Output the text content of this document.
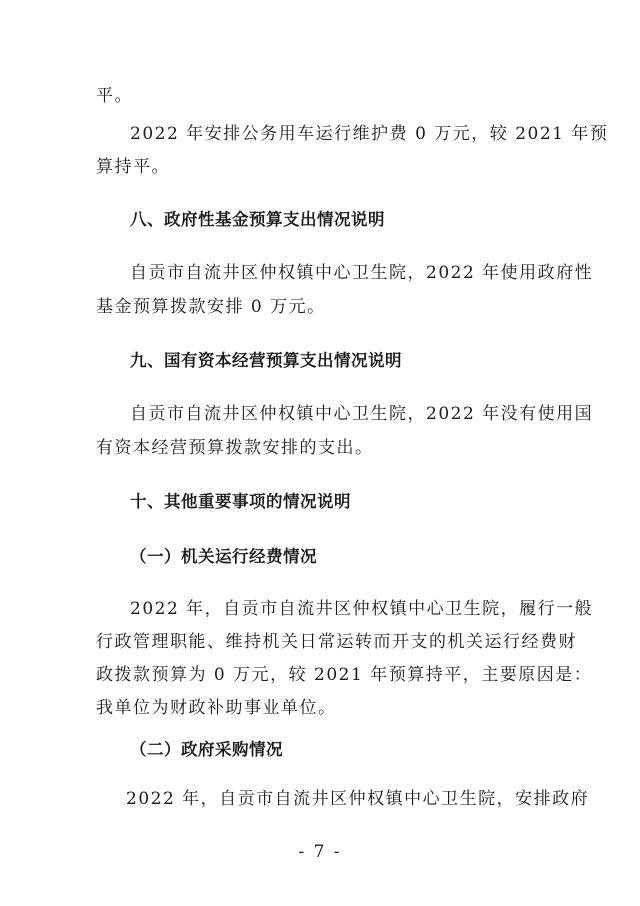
平。
2022 年安排公务用车运行维护费 0 万元，较 2021 年预
算持平。
八、政府性基金预算支出情况说明
自贡市自流井区仲权镇中心卫生院，2022 年使用政府性
基金预算拨款安排 0 万元。
九、国有资本经营预算支出情况说明
自贡市自流井区仲权镇中心卫生院，2022 年没有使用国
有资本经营预算拨款安排的支出。
十、其他重要事项的情况说明
（一）机关运行经费情况
2022 年，自贡市自流井区仲权镇中心卫生院，履行一般
行政管理职能、维持机关日常运转而开支的机关运行经费财
政拨款预算为 0 万元，较 2021 年预算持平，主要原因是：
我单位为财政补助事业单位。
（二）政府采购情况
2022 年，自贡市自流井区仲权镇中心卫生院，安排政府
- 7 -
